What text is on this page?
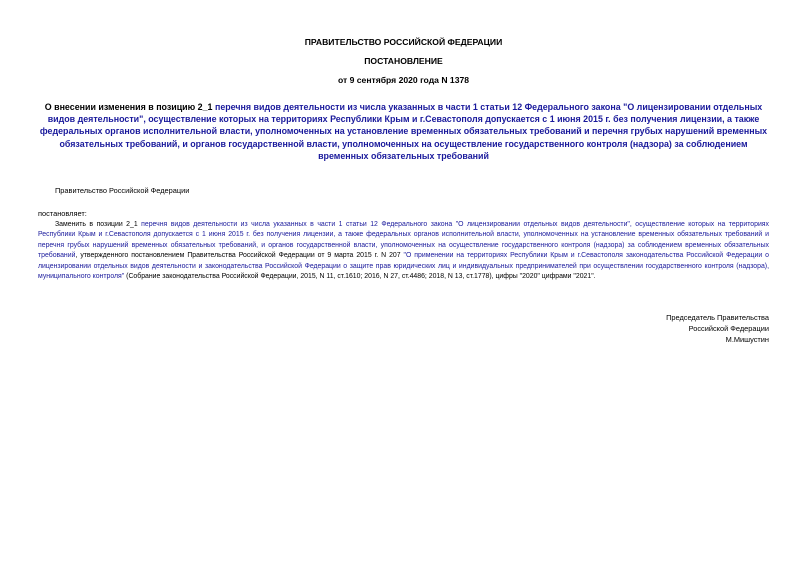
ПРАВИТЕЛЬСТВО РОССИЙСКОЙ ФЕДЕРАЦИИ
ПОСТАНОВЛЕНИЕ
от 9 сентября 2020 года N 1378
О внесении изменения в позицию 2_1 перечня видов деятельности из числа указанных в части 1 статьи 12 Федерального закона "О лицензировании отдельных видов деятельности", осуществление которых на территориях Республики Крым и г.Севастополя допускается с 1 июня 2015 г. без получения лицензии, а также федеральных органов исполнительной власти, уполномоченных на установление временных обязательных требований и перечня грубых нарушений временных обязательных требований, и органов государственной власти, уполномоченных на осуществление государственного контроля (надзора) за соблюдением временных обязательных требований
Правительство Российской Федерации
постановляет:
Заменить в позиции 2_1 перечня видов деятельности из числа указанных в части 1 статьи 12 Федерального закона "О лицензировании отдельных видов деятельности", осуществление которых на территориях Республики Крым и г.Севастополя допускается с 1 июня 2015 г. без получения лицензии, а также федеральных органов исполнительной власти, уполномоченных на установление временных обязательных требований и перечня грубых нарушений временных обязательных требований, и органов государственной власти, уполномоченных на осуществление государственного контроля (надзора) за соблюдением временных обязательных требований, утвержденного постановлением Правительства Российской Федерации от 9 марта 2015 г. N 207 "О применении на территориях Республики Крым и г.Севастополя законодательства Российской Федерации о лицензировании отдельных видов деятельности и законодательства Российской Федерации о защите прав юридических лиц и индивидуальных предпринимателей при осуществлении государственного контроля (надзора), муниципального контроля" (Собрание законодательства Российской Федерации, 2015, N 11, ст.1610; 2016, N 27, ст.4486; 2018, N 13, ст.1778), цифры "2020" цифрами "2021".
Председатель Правительства
Российской Федерации
М.Мишустин
